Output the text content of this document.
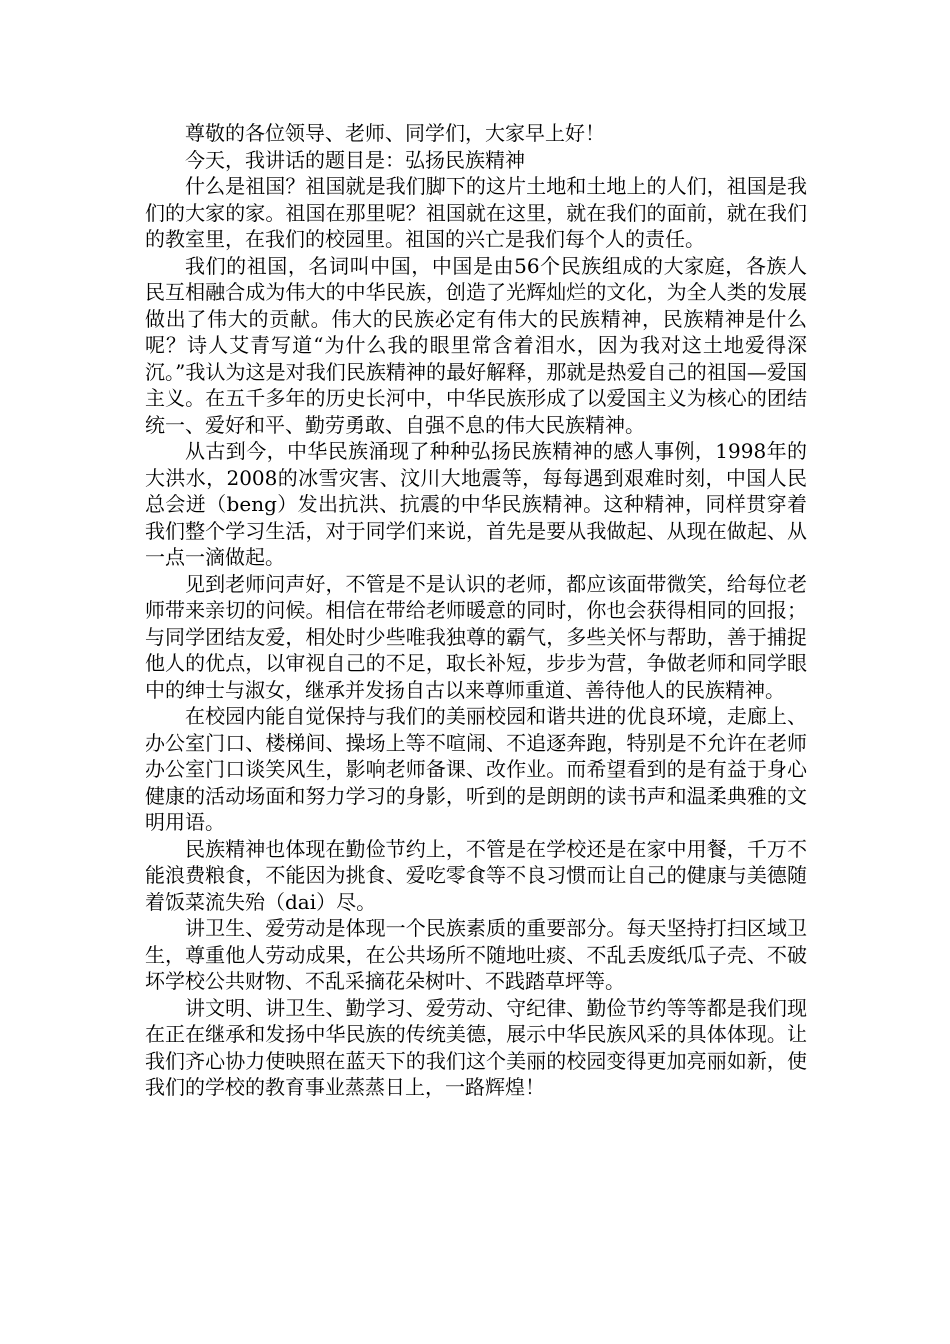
尊敬的各位领导、老师、同学们，大家早上好！

今天，我讲话的题目是：弘扬民族精神

什么是祖国？祖国就是我们脚下的这片土地和土地上的人们，祖国是我们的大家的家。祖国在那里呢？祖国就在这里，就在我们的面前，就在我们的教室里，在我们的校园里。祖国的兴亡是我们每个人的责任。

我们的祖国，名词叫中国，中国是由56个民族组成的大家庭，各族人民互相融合成为伟大的中华民族，创造了光辉灿烂的文化，为全人类的发展做出了伟大的贡献。伟大的民族必定有伟大的民族精神，民族精神是什么呢？诗人艾青写道“为什么我的眼里常含着泪水，因为我对这土地爱得深沉。”我认为这是对我们民族精神的最好解释，那就是热爱自己的祖国—爱国主义。在五千多年的历史长河中，中华民族形成了以爱国主义为核心的团结统一、爱好和平、勤劳勇敢、自强不息的伟大民族精神。

从古到今，中华民族涌现了种种弘扬民族精神的感人事例，1998年的大洪水，2008的冰雪灾害、汶川大地震等，每每遇到艰难时刻，中国人民总会迸（beng）发出抗洪、抗震的中华民族精神。这种精神，同样贯穿着我们整个学习生活，对于同学们来说，首先是要从我做起、从现在做起、从一点一滴做起。

见到老师问声好，不管是不是认识的老师，都应该面带微笑，给每位老师带来亲切的问候。相信在带给老师暖意的同时，你也会获得相同的回报；与同学团结友爱，相处时少些唯我独尊的霸气，多些关怀与帮助，善于捕捉他人的优点，以审视自己的不足，取长补短，步步为营，争做老师和同学眼中的绅士与淑女，继承并发扬自古以来尊师重道、善待他人的民族精神。

在校园内能自觉保持与我们的美丽校园和谐共进的优良环境，走廊上、办公室门口、楼梯间、操场上等不喧闹、不追逐奔跑，特别是不允许在老师办公室门口谈笑风生，影响老师备课、改作业。而希望看到的是有益于身心健康的活动场面和努力学习的身影，听到的是朗朗的读书声和温柔典雅的文明用语。

民族精神也体现在勤俭节约上，不管是在学校还是在家中用餐，千万不能浪费粮食，不能因为挑食、爱吃零食等不良习惯而让自己的健康与美德随着饭菜流失殆（dai）尽。

讲卫生、爱劳动是体现一个民族素质的重要部分。每天坚持打扫区域卫生，尊重他人劳动成果，在公共场所不随地吐痰、不乱丢废纸瓜子壳、不破坏学校公共财物、不乱采摘花朵树叶、不践踏草坪等。

讲文明、讲卫生、勤学习、爱劳动、守纪律、勤俭节约等等都是我们现在正在继承和发扬中华民族的传统美德，展示中华民族风采的具体体现。让我们齐心协力使映照在蓝天下的我们这个美丽的校园变得更加亮丽如新，使我们的学校的教育事业蒸蒸日上，一路辉煌！
